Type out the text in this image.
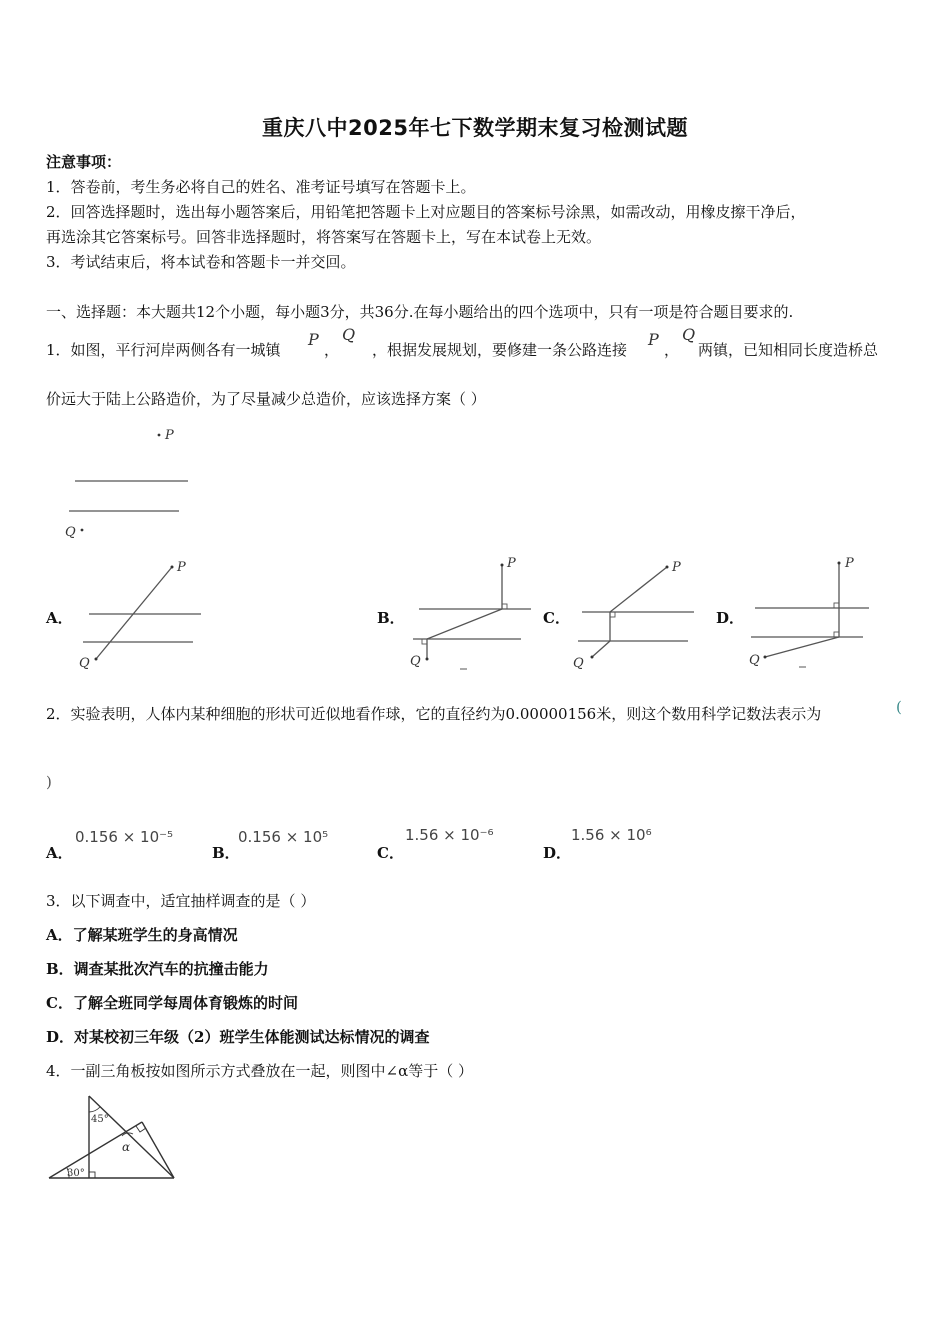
重庆八中2025年七下数学期末复习检测试题
注意事项：
1．答卷前，考生务必将自己的姓名、准考证号填写在答题卡上。
2．回答选择题时，选出每小题答案后，用铅笔把答题卡上对应题目的答案标号涂黑，如需改动，用橡皮擦干净后，
再选涂其它答案标号。回答非选择题时，将答案写在答题卡上，写在本试卷上无效。
3．考试结束后，将本试卷和答题卡一并交回。
一、选择题：本大题共12个小题，每小题3分，共36分.在每小题给出的四个选项中，只有一项是符合题目要求的.
1．如图，平行河岸两侧各有一城镇
P
，
Q
，根据发展规划，要修建一条公路连接
P
，
Q
两镇，已知相同长度造桥总
价远大于陆上公路造价，为了尽量减少总造价，应该选择方案（ ）
P
Q
A．	B．	C．	D．
P
Q
P
Q
P
Q
P
Q
2．实验表明，人体内某种细胞的形状可近似地看作球，它的直径约为0.00000156米，则这个数用科学记数法表示为	(
)
A．
0.156 × 10⁻⁵
B．
0.156 × 10⁵
C．
1.56 × 10⁻⁶
D．
1.56 × 10⁶
3．以下调查中，适宜抽样调查的是（ ）
A．了解某班学生的身高情况
B．调查某批次汽车的抗撞击能力
C．了解全班同学每周体育锻炼的时间
D．对某校初三年级（2）班学生体能测试达标情况的调查
4．一副三角板按如图所示方式叠放在一起，则图中∠α等于（ ）
45°
30°
α
